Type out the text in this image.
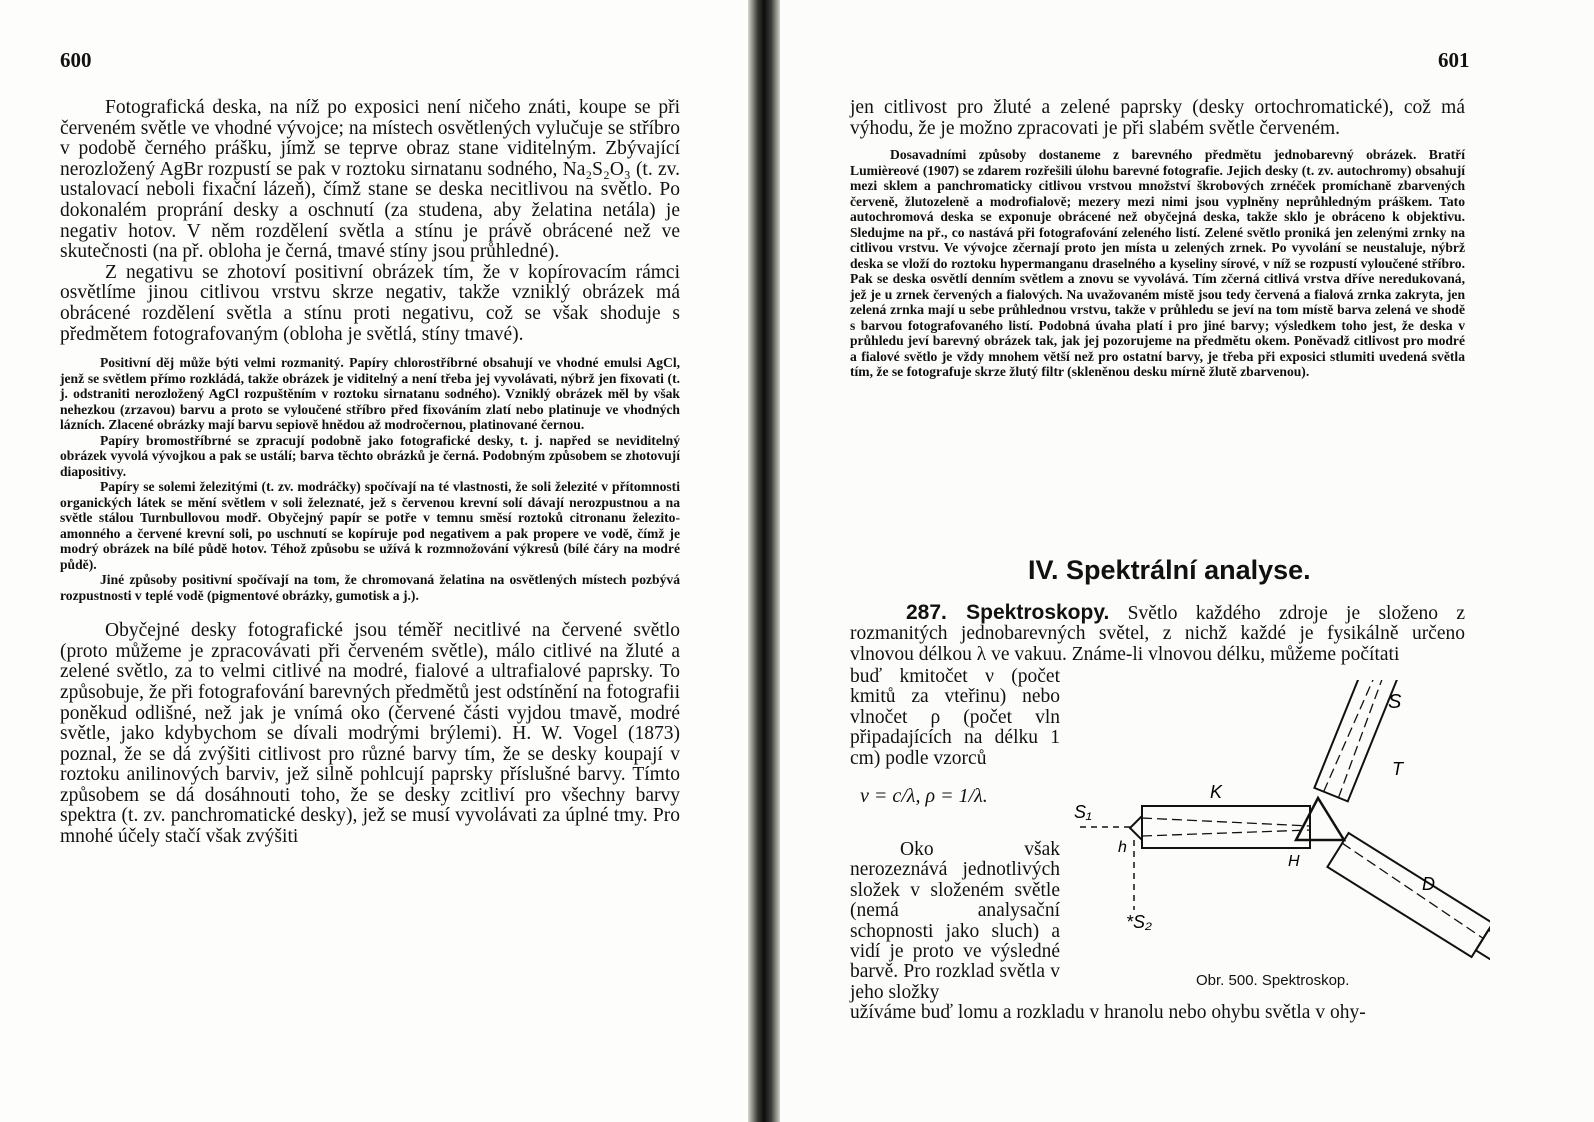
600

Fotografická deska, na níž po exposici není ničeho znáti, koupe se při červeném světle ve vhodné vývojce; na místech osvětlených vylučuje se stříbro v podobě černého prášku, jímž se teprve obraz stane viditelným. Zbývající nerozložený AgBr rozpustí se pak v roztoku sirnatanu sodného, Na₂S₂O₃ (t. zv. ustalovací neboli fixační lázeň), čímž stane se deska necitlivou na světlo. Po dokonalém proprání desky a oschnutí (za studena, aby želatina netála) je negativ hotov. V něm rozdělení světla a stínu je právě obrácené než ve skutečnosti (na př. obloha je černá, tmavé stíny jsou průhledné).

Z negativu se zhotoví positivní obrázek tím, že v kopírovacím rámci osvětlíme jinou citlivou vrstvu skrze negativ, takže vzniklý obrázek má obrácené rozdělení světla a stínu proti negativu, což se však shoduje s předmětem fotografovaným (obloha je světlá, stíny tmavé).

Positivní děj může býti velmi rozmanitý. Papíry chlorostříbrné obsahují ve vhodné emulsi AgCl, jenž se světlem přímo rozkládá, takže obrázek je viditelný a není třeba jej vyvolávati, nýbrž jen fixovati (t. j. odstraniti nerozložený AgCl rozpuštěním v roztoku sirnatanu sodného). Vzniklý obrázek měl by však nehezkou (zrzavou) barvu a proto se vyloučené stříbro před fixováním zlatí nebo platinuje ve vhodných lázních. Zlacené obrázky mají barvu sepiově hnědou až modročernou, platinované černou.

Papíry bromostříbrné se zpracují podobně jako fotografické desky, t. j. napřed se neviditelný obrázek vyvolá vývojkou a pak se ustálí; barva těchto obrázků je černá. Podobným způsobem se zhotovují diapositivy.

Papíry se solemi železitými (t. zv. modráčky) spočívají na té vlastnosti, že soli železité v přítomnosti organických látek se mění světlem v soli železnaté, jež s červenou krevní solí dávají nerozpustnou a na světle stálou Turnbullovou modř. Obyčejný papír se potře v temnu směsí roztoků citronanu železito-amonného a červené krevní soli, po uschnutí se kopíruje pod negativem a pak propere ve vodě, čímž je modrý obrázek na bílé půdě hotov. Téhož způsobu se užívá k rozmnožování výkresů (bílé čáry na modré půdě).

Jiné způsoby positivní spočívají na tom, že chromovaná želatina na osvětlených místech pozbývá rozpustnosti v teplé vodě (pigmentové obrázky, gumotisk a j.).

Obyčejné desky fotografické jsou téměř necitlivé na červené světlo (proto můžeme je zpracovávati při červeném světle), málo citlivé na žluté a zelené světlo, za to velmi citlivé na modré, fialové a ultrafialové paprsky. To způsobuje, že při fotografování barevných předmětů jest odstínění na fotografii poněkud odlišné, než jak je vnímá oko (červené části vyjdou tmavě, modré světle, jako kdybychom se dívali modrými brýlemi). H. W. Vogel (1873) poznal, že se dá zvýšiti citlivost pro různé barvy tím, že se desky koupají v roztoku anilinových barviv, jež silně pohlcují paprsky příslušné barvy. Tímto způsobem se dá dosáhnouti toho, že se desky zcitliví pro všechny barvy spektra (t. zv. panchromatické desky), jež se musí vyvolávati za úplné tmy. Pro mnohé účely stačí však zvýšiti

601

jen citlivost pro žluté a zelené paprsky (desky ortochromatické), což má výhodu, že je možno zpracovati je při slabém světle červeném.

Dosavadními způsoby dostaneme z barevného předmětu jednobarevný obrázek. Bratří Lumièreové (1907) se zdarem rozřešili úlohu barevné fotografie. Jejich desky (t. zv. autochromy) obsahují mezi sklem a panchromaticky citlivou vrstvou množství škrobových zrnéček promíchaně zbarvených červeně, žlutozeleně a modrofialově; mezery mezi nimi jsou vyplněny neprůhledným práškem. Tato autochromová deska se exponuje obrácené než obyčejná deska, takže sklo je obráceno k objektivu. Sledujme na př., co nastává při fotografování zeleného listí. Zelené světlo proniká jen zelenými zrnky na citlivou vrstvu. Ve vývojce zčernají proto jen místa u zelených zrnek. Po vyvolání se neustaluje, nýbrž deska se vloží do roztoku hypermanganu draselného a kyseliny sírové, v níž se rozpustí vyloučené stříbro. Pak se deska osvětlí denním světlem a znovu se vyvolává. Tím zčerná citlivá vrstva dříve neredukovaná, jež je u zrnek červených a fialových. Na uvažovaném místě jsou tedy červená a fialová zrnka zakryta, jen zelená zrnka mají u sebe průhlednou vrstvu, takže v průhledu se jeví na tom místě barva zelená ve shodě s barvou fotografovaného listí. Podobná úvaha platí i pro jiné barvy; výsledkem toho jest, že deska v průhledu jeví barevný obrázek tak, jak jej pozorujeme na předmětu okem. Poněvadž citlivost pro modré a fialové světlo je vždy mnohem větší než pro ostatní barvy, je třeba při exposici stlumiti uvedená světla tím, že se fotografuje skrze žlutý filtr (skleněnou desku mírně žlutě zbarvenou).

IV. Spektrální analyse.

287. Spektroskopy. Světlo každého zdroje je složeno z rozmanitých jednobarevných světel, z nichž každé je fysikálně určeno vlnovou délkou λ ve vakuu. Známe-li vlnovou délku, můžeme počítati

buď kmitočet ν (počet kmitů za vteřinu) nebo vlnočet ρ (počet vln připadajících na délku 1 cm) podle vzorců

ν = c/λ, ρ = 1/λ.

Oko však nerozeznává jednotlivých složek v složeném světle (nemá analysační schopnosti jako sluch) a vidí je proto ve výsledné barvě. Pro rozklad světla v jeho složky

užíváme buď lomu a rozkladu v hranolu nebo ohybu světla v ohy-

S
T
K
S₁
h
H
D
*S₂
Obr. 500. Spektroskop.
